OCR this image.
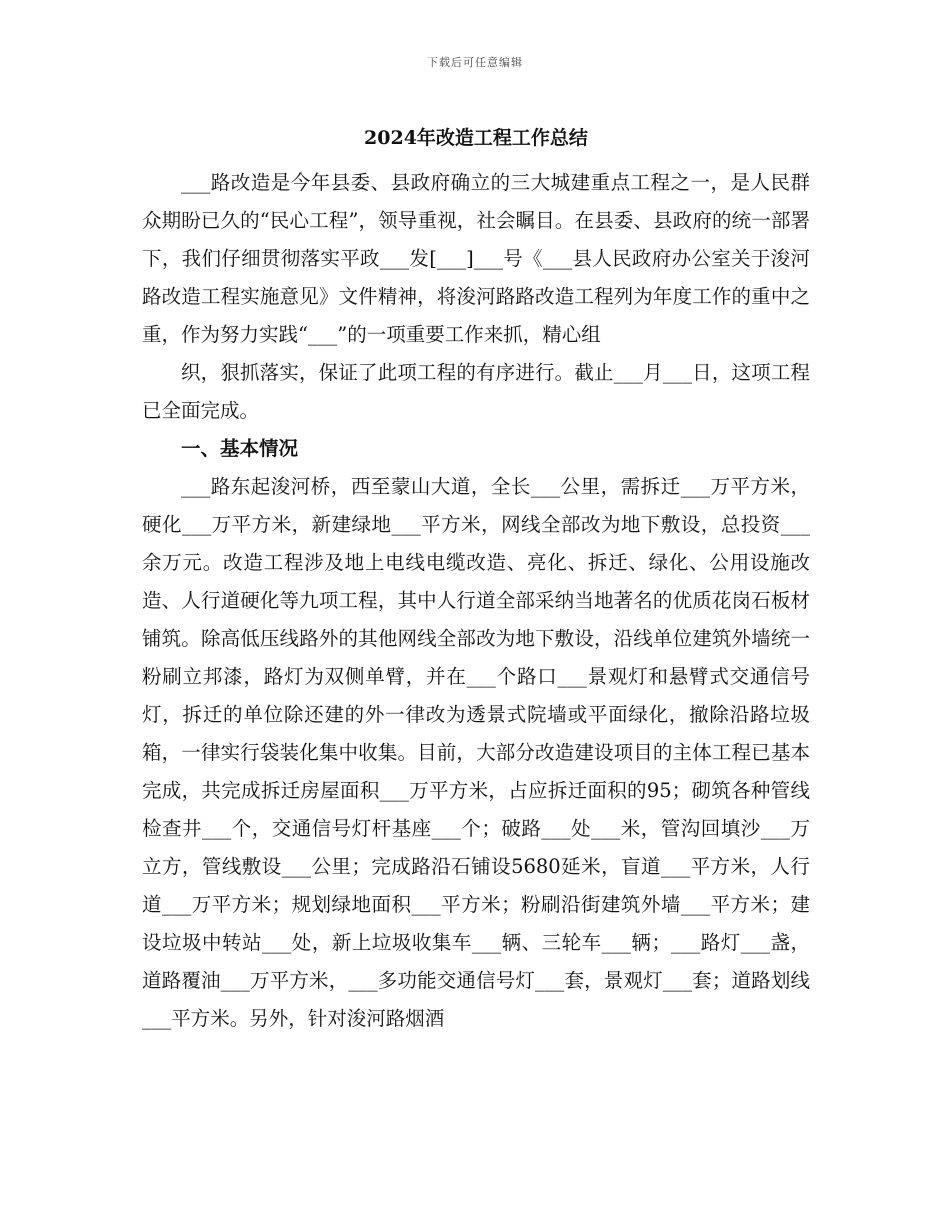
下载后可任意编辑
2024年改造工程工作总结

___路改造是今年县委、县政府确立的三大城建重点工程之一，是人民群众期盼已久的“民心工程”，领导重视，社会瞩目。在县委、县政府的统一部署下，我们仔细贯彻落实平政___发[___]___号《___县人民政府办公室关于浚河路改造工程实施意见》文件精神，将浚河路路改造工程列为年度工作的重中之重，作为努力实践“___”的一项重要工作来抓，精心组

织，狠抓落实，保证了此项工程的有序进行。截止___月___日，这项工程已全面完成。

一、基本情况

___路东起浚河桥，西至蒙山大道，全长___公里，需拆迁___万平方米，硬化___万平方米，新建绿地___平方米，网线全部改为地下敷设，总投资___余万元。改造工程涉及地上电线电缆改造、亮化、拆迁、绿化、公用设施改造、人行道硬化等九项工程，其中人行道全部采纳当地著名的优质花岗石板材铺筑。除高低压线路外的其他网线全部改为地下敷设，沿线单位建筑外墙统一粉刷立邦漆，路灯为双侧单臂，并在___个路口___景观灯和悬臂式交通信号灯，拆迁的单位除还建的外一律改为透景式院墙或平面绿化，撤除沿路垃圾箱，一律实行袋装化集中收集。目前，大部分改造建设项目的主体工程已基本完成，共完成拆迁房屋面积___万平方米，占应拆迁面积的95；砌筑各种管线检查井___个，交通信号灯杆基座___个；破路___处___米，管沟回填沙___万立方，管线敷设___公里；完成路沿石铺设5680延米，盲道___平方米，人行道___万平方米；规划绿地面积___平方米；粉刷沿街建筑外墙___平方米；建设垃圾中转站___处，新上垃圾收集车___辆、三轮车___辆；___路灯___盏，道路覆油___万平方米，___多功能交通信号灯___套，景观灯___套；道路划线___平方米。另外，针对浚河路烟酒
